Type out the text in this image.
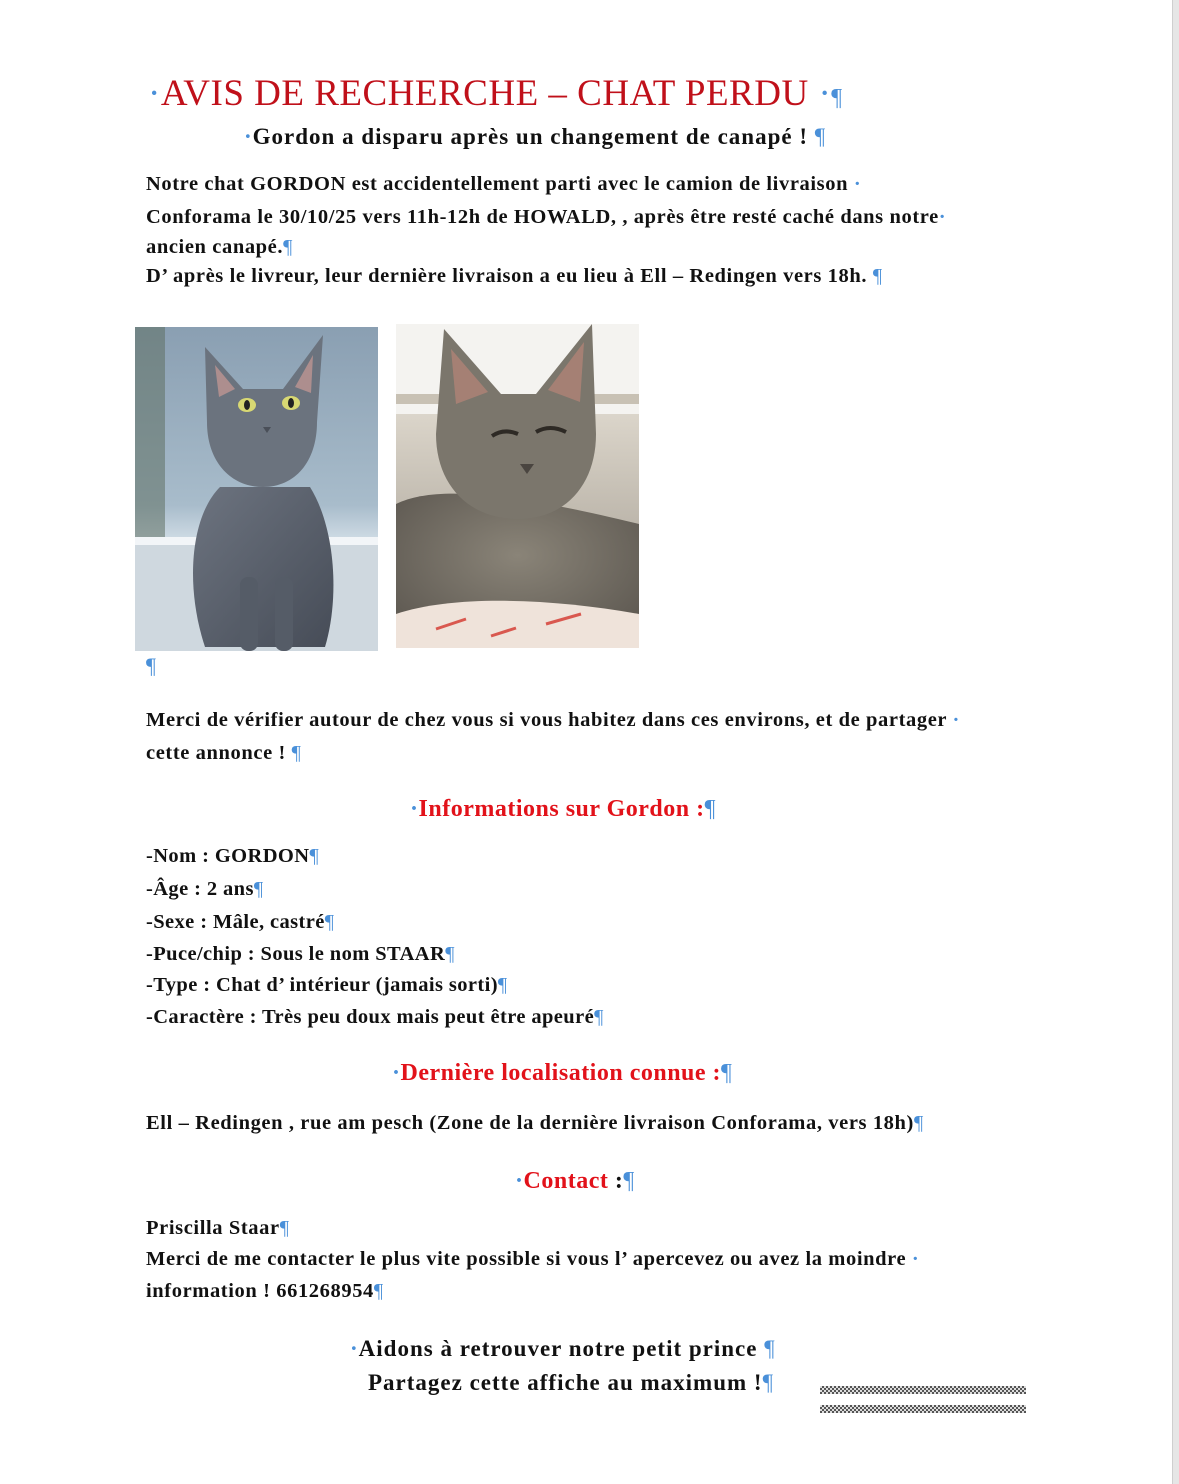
·AVIS DE RECHERCHE – CHAT PERDU ·¶
·Gordon a disparu après un changement de canapé ! ¶
Notre chat GORDON est accidentellement parti avec le camion de livraison ·
Conforama le 30/10/25 vers 11h-12h de HOWALD, , après être resté caché dans notre·
ancien canapé.¶
D’ après le livreur, leur dernière livraison a eu lieu à Ell – Redingen vers 18h. ¶
¶
Merci de vérifier autour de chez vous si vous habitez dans ces environs, et de partager ·
cette annonce ! ¶
·Informations sur Gordon :¶
-Nom : GORDON¶
-Âge : 2 ans¶
-Sexe : Mâle, castré¶
-Puce/chip : Sous le nom STAAR¶
-Type : Chat d’ intérieur (jamais sorti)¶
-Caractère : Très peu doux mais peut être apeuré¶
·Dernière localisation connue :¶
Ell – Redingen , rue am pesch (Zone de la dernière livraison Conforama, vers 18h)¶
·Contact :¶
Priscilla Staar¶
Merci de me contacter le plus vite possible si vous l’ apercevez ou avez la moindre ·
information ! 661268954¶
·Aidons à retrouver notre petit prince ¶
Partagez cette affiche au maximum !¶
